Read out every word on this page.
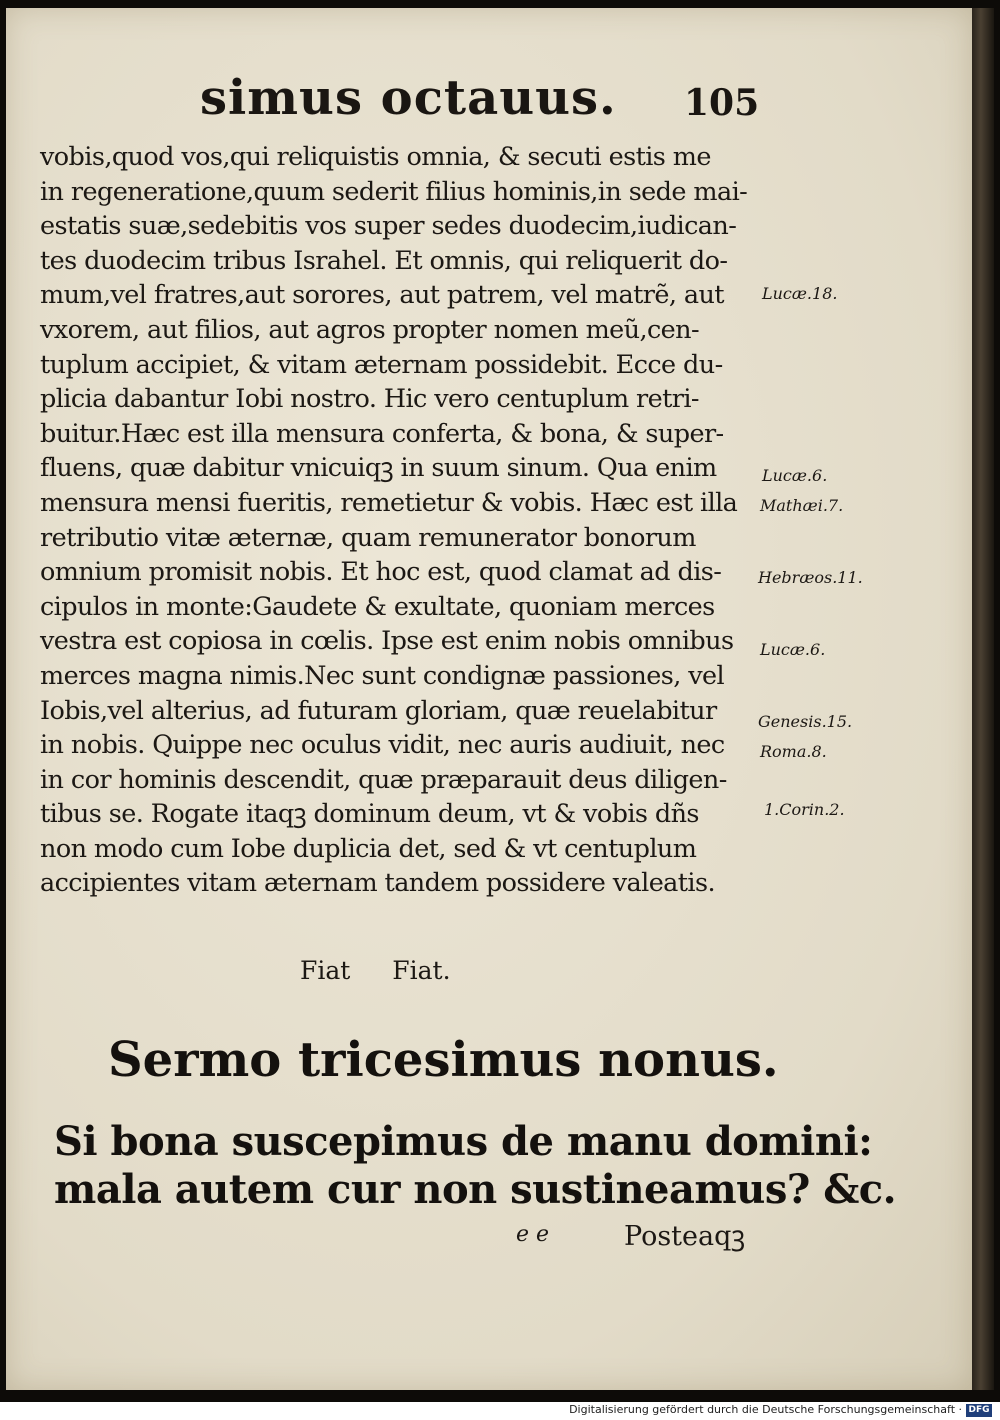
simus octauus. 105
vobis,quod vos,qui reliquistis omnia, & secuti estis me
in regeneratione,quum sederit filius hominis,in sede mai-
estatis suæ,sedebitis vos super sedes duodecim,iudican-
tes duodecim tribus Israhel. Et omnis, qui reliquerit do-
mum,vel fratres,aut sorores, aut patrem, vel matrẽ, aut
vxorem, aut filios, aut agros propter nomen meũ,cen-
tuplum accipiet, & vitam æternam possidebit. Ecce du-
plicia dabantur Iobi nostro. Hic vero centuplum retri-
buitur.Hæc est illa mensura conferta, & bona, & super-
fluens, quæ dabitur vnicuiqꝫ in suum sinum. Qua enim
mensura mensi fueritis, remetietur & vobis. Hæc est illa
retributio vitæ æternæ, quam remunerator bonorum
omnium promisit nobis. Et hoc est, quod clamat ad dis-
cipulos in monte:Gaudete & exultate, quoniam merces
vestra est copiosa in cœlis. Ipse est enim nobis omnibus
merces magna nimis.Nec sunt condignæ passiones, vel
Iobis,vel alterius, ad futuram gloriam, quæ reuelabitur
in nobis. Quippe nec oculus vidit, nec auris audiuit, nec
in cor hominis descendit, quæ præparauit deus diligen-
tibus se. Rogate itaqꝫ dominum deum, vt & vobis dñs
non modo cum Iobe duplicia det, sed & vt centuplum
accipientes vitam æternam tandem possidere valeatis.
Fiat Fiat.
Sermo tricesimus nonus.
Si bona suscepimus de manu domini:
mala autem cur non sustineamus? &c.
e e	Posteaqꝫ
Lucæ.18.
Lucæ.6.
Mathæi.7.
Hebræos.11.
Lucæ.6.
Genesis.15.
Roma.8.
1.Corin.2.
Digitalisierung gefördert durch die Deutsche Forschungsgemeinschaft · DFG
